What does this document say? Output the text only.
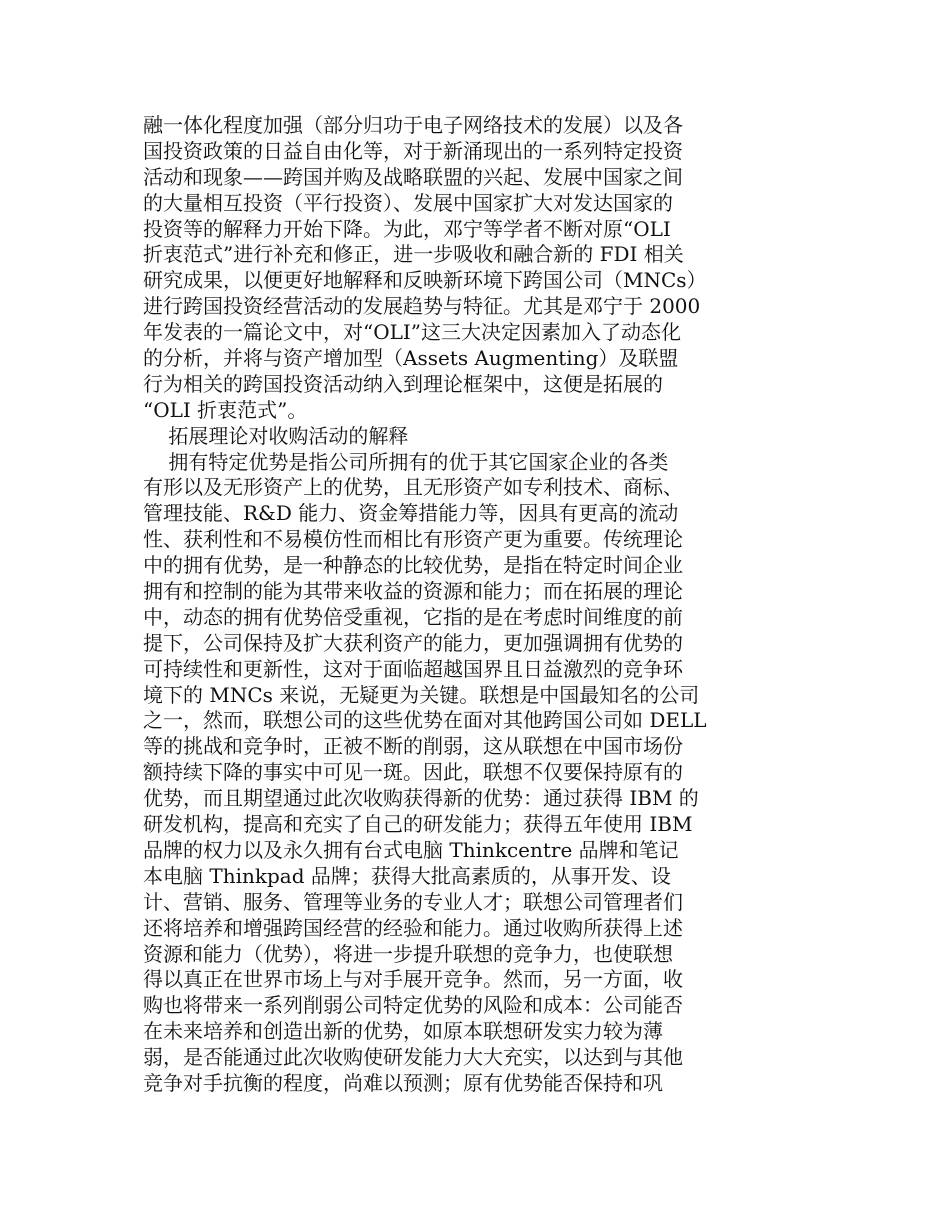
融一体化程度加强（部分归功于电子网络技术的发展）以及各

国投资政策的日益自由化等，对于新涌现出的一系列特定投资

活动和现象——跨国并购及战略联盟的兴起、发展中国家之间

的大量相互投资（平行投资）、发展中国家扩大对发达国家的

投资等的解释力开始下降。为此，邓宁等学者不断对原“OLI

折衷范式”进行补充和修正，进一步吸收和融合新的 FDI 相关

研究成果，以便更好地解释和反映新环境下跨国公司（MNCs）

进行跨国投资经营活动的发展趋势与特征。尤其是邓宁于 2000

年发表的一篇论文中，对“OLI”这三大决定因素加入了动态化

的分析，并将与资产增加型（Assets Augmenting）及联盟

行为相关的跨国投资活动纳入到理论框架中，这便是拓展的

“OLI 折衷范式”。

拓展理论对收购活动的解释

拥有特定优势是指公司所拥有的优于其它国家企业的各类

有形以及无形资产上的优势，且无形资产如专利技术、商标、

管理技能、R&D 能力、资金筹措能力等，因具有更高的流动

性、获利性和不易模仿性而相比有形资产更为重要。传统理论

中的拥有优势，是一种静态的比较优势，是指在特定时间企业

拥有和控制的能为其带来收益的资源和能力；而在拓展的理论

中，动态的拥有优势倍受重视，它指的是在考虑时间维度的前

提下，公司保持及扩大获利资产的能力，更加强调拥有优势的

可持续性和更新性，这对于面临超越国界且日益激烈的竞争环

境下的 MNCs 来说，无疑更为关键。联想是中国最知名的公司

之一，然而，联想公司的这些优势在面对其他跨国公司如 DELL

等的挑战和竞争时，正被不断的削弱，这从联想在中国市场份

额持续下降的事实中可见一斑。因此，联想不仅要保持原有的

优势，而且期望通过此次收购获得新的优势：通过获得 IBM 的

研发机构，提高和充实了自己的研发能力；获得五年使用 IBM

品牌的权力以及永久拥有台式电脑 Thinkcentre 品牌和笔记

本电脑 Thinkpad 品牌；获得大批高素质的，从事开发、设

计、营销、服务、管理等业务的专业人才；联想公司管理者们

还将培养和增强跨国经营的经验和能力。通过收购所获得上述

资源和能力（优势），将进一步提升联想的竞争力，也使联想

得以真正在世界市场上与对手展开竞争。然而，另一方面，收

购也将带来一系列削弱公司特定优势的风险和成本：公司能否

在未来培养和创造出新的优势，如原本联想研发实力较为薄

弱，是否能通过此次收购使研发能力大大充实，以达到与其他

竞争对手抗衡的程度，尚难以预测；原有优势能否保持和巩
